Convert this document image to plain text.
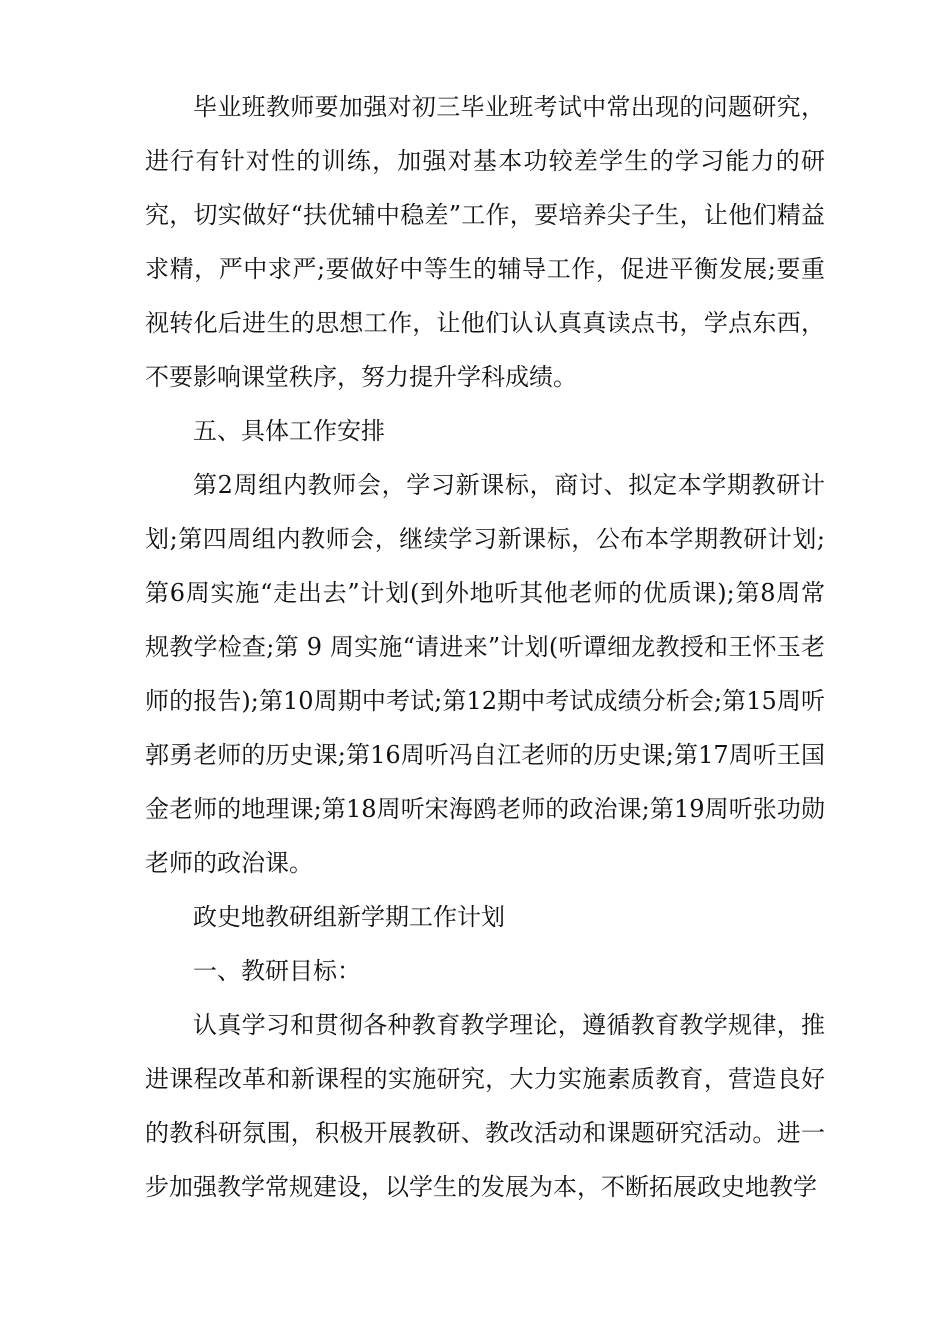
毕业班教师要加强对初三毕业班考试中常出现的问题研究，进行有针对性的训练，加强对基本功较差学生的学习能力的研究，切实做好“扶优辅中稳差”工作，要培养尖子生，让他们精益求精，严中求严;要做好中等生的辅导工作，促进平衡发展;要重视转化后进生的思想工作，让他们认认真真读点书，学点东西，不要影响课堂秩序，努力提升学科成绩。

五、具体工作安排

第2周组内教师会，学习新课标，商讨、拟定本学期教研计划;第四周组内教师会，继续学习新课标，公布本学期教研计划;第6周实施“走出去”计划(到外地听其他老师的优质课);第8周常规教学检查;第 9 周实施“请进来”计划(听谭细龙教授和王怀玉老师的报告);第10周期中考试;第12期中考试成绩分析会;第15周听郭勇老师的历史课;第16周听冯自江老师的历史课;第17周听王国金老师的地理课;第18周听宋海鸥老师的政治课;第19周听张功勋老师的政治课。

政史地教研组新学期工作计划

一、教研目标：

认真学习和贯彻各种教育教学理论，遵循教育教学规律，推进课程改革和新课程的实施研究，大力实施素质教育，营造良好的教科研氛围，积极开展教研、教改活动和课题研究活动。进一步加强教学常规建设，以学生的发展为本，不断拓展政史地教学
